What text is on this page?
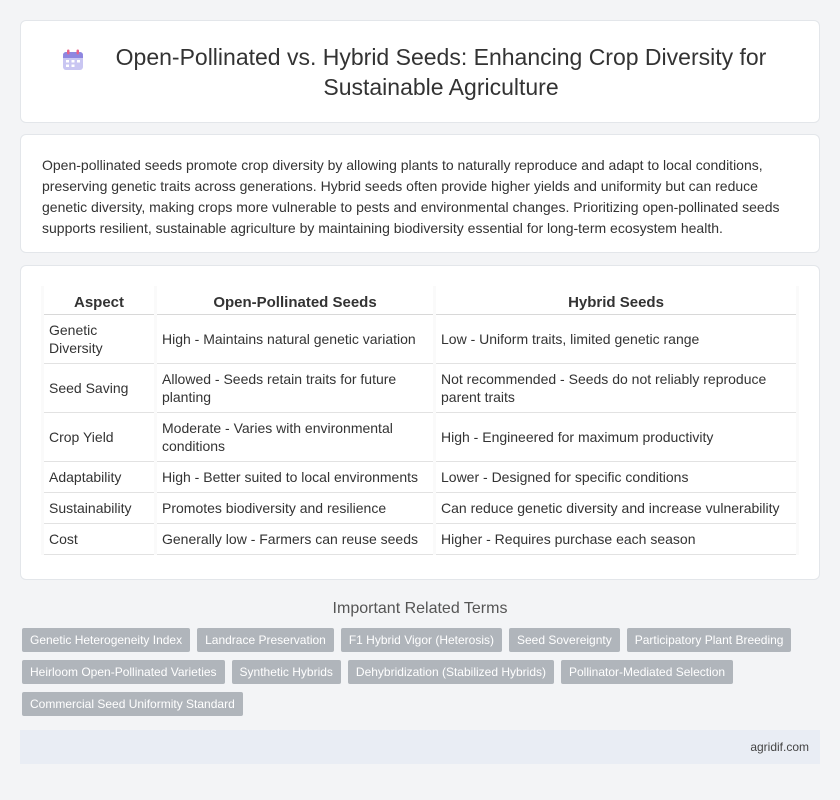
Open-Pollinated vs. Hybrid Seeds: Enhancing Crop Diversity for Sustainable Agriculture

Open-pollinated seeds promote crop diversity by allowing plants to naturally reproduce and adapt to local conditions, preserving genetic traits across generations. Hybrid seeds often provide higher yields and uniformity but can reduce genetic diversity, making crops more vulnerable to pests and environmental changes. Prioritizing open-pollinated seeds supports resilient, sustainable agriculture by maintaining biodiversity essential for long-term ecosystem health.

Aspect	Open-Pollinated Seeds	Hybrid Seeds
Genetic Diversity	High - Maintains natural genetic variation	Low - Uniform traits, limited genetic range
Seed Saving	Allowed - Seeds retain traits for future planting	Not recommended - Seeds do not reliably reproduce parent traits
Crop Yield	Moderate - Varies with environmental conditions	High - Engineered for maximum productivity
Adaptability	High - Better suited to local environments	Lower - Designed for specific conditions
Sustainability	Promotes biodiversity and resilience	Can reduce genetic diversity and increase vulnerability
Cost	Generally low - Farmers can reuse seeds	Higher - Requires purchase each season
Important Related Terms
Genetic Heterogeneity Index	Landrace Preservation	F1 Hybrid Vigor (Heterosis)	Seed Sovereignty	Participatory Plant Breeding
Heirloom Open-Pollinated Varieties	Synthetic Hybrids	Dehybridization (Stabilized Hybrids)	Pollinator-Mediated Selection
Commercial Seed Uniformity Standard
agridif.com
